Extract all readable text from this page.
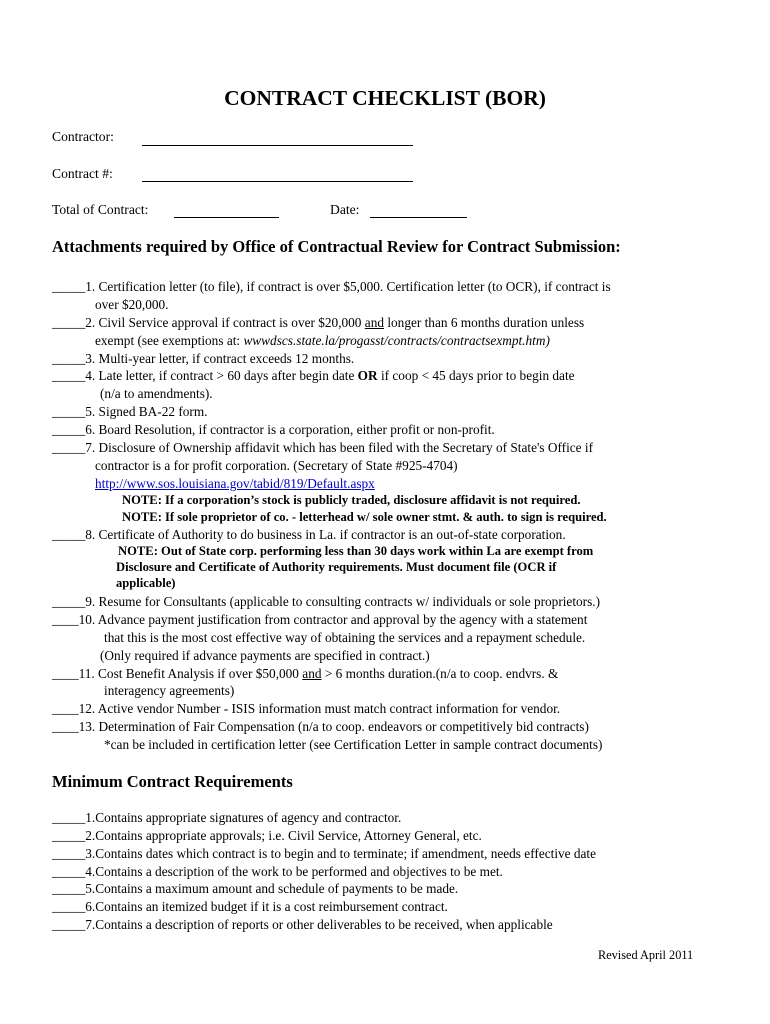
CONTRACT CHECKLIST (BOR)
Contractor:
Contract #:
Total of Contract:	Date:
Attachments required by Office of Contractual Review for Contract Submission:
_____1. Certification letter (to file), if contract is over $5,000. Certification letter (to OCR), if contract is
over $20,000.
_____2. Civil Service approval if contract is over $20,000 and longer than 6 months duration unless
exempt (see exemptions at: wwwdscs.state.la/progasst/contracts/contractsexmpt.htm)
_____3. Multi-year letter, if contract exceeds 12 months.
_____4. Late letter, if contract > 60 days after begin date OR if coop < 45 days prior to begin date
(n/a to amendments).
_____5. Signed BA-22 form.
_____6. Board Resolution, if contractor is a corporation, either profit or non-profit.
_____7. Disclosure of Ownership affidavit which has been filed with the Secretary of State's Office if
contractor is a for profit corporation. (Secretary of State #925-4704)
http://www.sos.louisiana.gov/tabid/819/Default.aspx
NOTE: If a corporation’s stock is publicly traded, disclosure affidavit is not required.
NOTE: If sole proprietor of co. - letterhead w/ sole owner stmt. & auth. to sign is required.
_____8. Certificate of Authority to do business in La. if contractor is an out-of-state corporation.
NOTE: Out of State corp. performing less than 30 days work within La are exempt from
Disclosure and Certificate of Authority requirements. Must document file (OCR if
applicable)
_____9. Resume for Consultants (applicable to consulting contracts w/ individuals or sole proprietors.)
____10. Advance payment justification from contractor and approval by the agency with a statement
that this is the most cost effective way of obtaining the services and a repayment schedule.
(Only required if advance payments are specified in contract.)
____11. Cost Benefit Analysis if over $50,000 and > 6 months duration.(n/a to coop. endvrs. &
interagency agreements)
____12. Active vendor Number - ISIS information must match contract information for vendor.
____13. Determination of Fair Compensation (n/a to coop. endeavors or competitively bid contracts)
*can be included in certification letter (see Certification Letter in sample contract documents)
Minimum Contract Requirements
_____1.Contains appropriate signatures of agency and contractor.
_____2.Contains appropriate approvals; i.e. Civil Service, Attorney General, etc.
_____3.Contains dates which contract is to begin and to terminate; if amendment, needs effective date
_____4.Contains a description of the work to be performed and objectives to be met.
_____5.Contains a maximum amount and schedule of payments to be made.
_____6.Contains an itemized budget if it is a cost reimbursement contract.
_____7.Contains a description of reports or other deliverables to be received, when applicable
Revised April 2011
